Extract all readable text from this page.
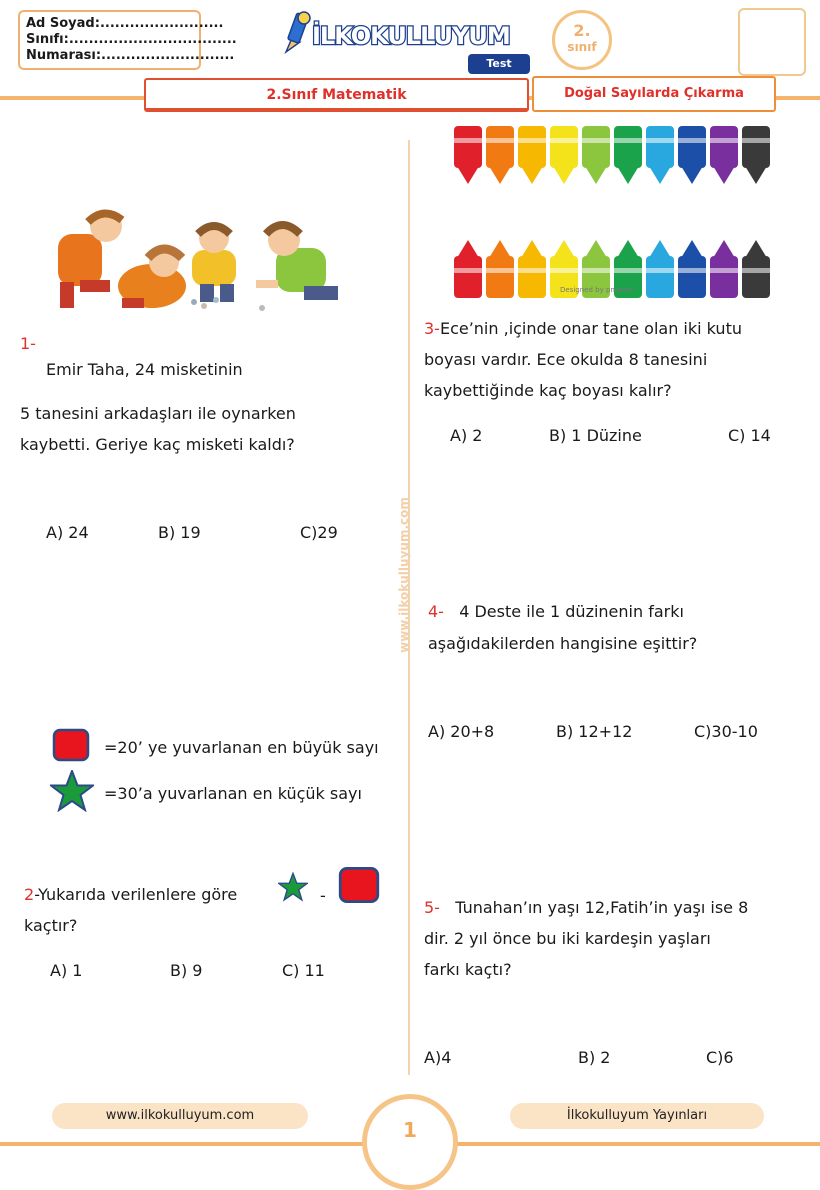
Ad Soyad:.........................
Sınıfı:..................................
Numarası:...........................
İLKOKULLUYUM
Test
2.
sınıf
2.Sınıf Matematik	Doğal Sayılarda Çıkarma
www.ilkokulluyum.com
1-
Emir Taha, 24 misketinin
5 tanesini arkadaşları ile oynarken
kaybetti. Geriye kaç misketi kaldı?
A) 24	B) 19	C)29
=20’ ye yuvarlanan en büyük sayı
=30’a yuvarlanan en küçük sayı
2-Yukarıda verilenlere göre	-
kaçtır?
A) 1	B) 9	C) 11
Designed by pngtree
3-Ece’nin ,içinde onar tane olan iki kutu
boyası vardır. Ece okulda 8 tanesini
kaybettiğinde kaç boyası kalır?
A) 2	B) 1 Düzine	C) 14
4- 4 Deste ile 1 düzinenin farkı
aşağıdakilerden hangisine eşittir?
A) 20+8	B) 12+12	C)30-10
5- Tunahan’ın yaşı 12,Fatih’in yaşı ise 8
dir. 2 yıl önce bu iki kardeşin yaşları
farkı kaçtı?
A)4	B) 2	C)6
www.ilkokulluyum.com	İlkokulluyum Yayınları
1
